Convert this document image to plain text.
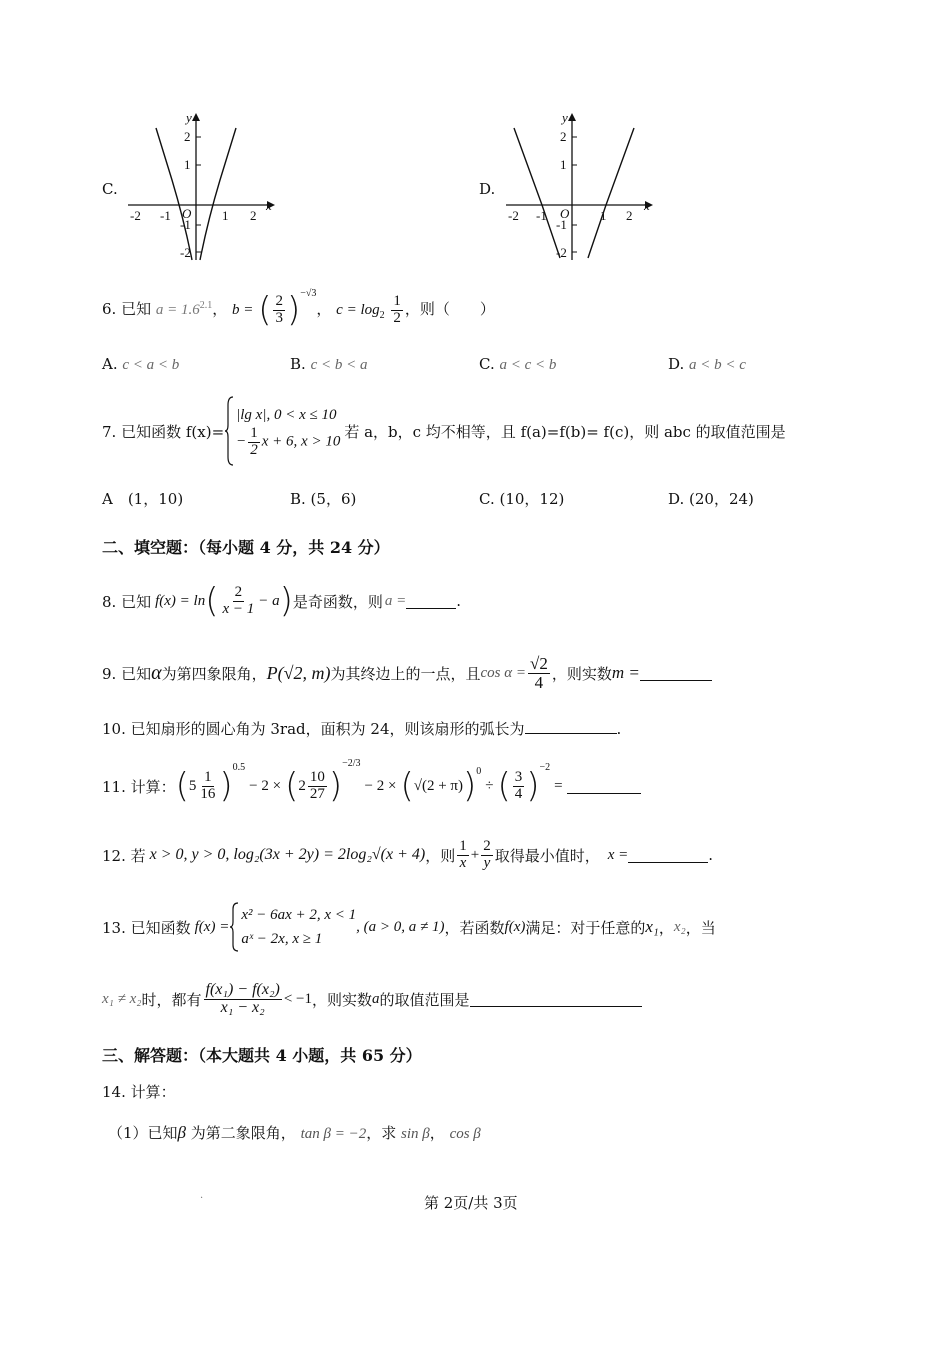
C.
y
x
O
2
1
-1
-2
-2 -1	1 2
D.
y
x
O
2
1
-1
-2
-2 -1	1 2
6. 已知 $a = 1.6^{2.1}$， b = ( $\frac{2}{3} )^{-√3}$， $c = \log_2 \frac{1}{2}$ ，则（　　）
A. c < a < b	B. c < b < a	C. a < c < b	D. a < b < c
7. 已知函数 f(x)=
|lg x|, 0 < x ≤ 10
− $\frac{1}{2}$ x + 6, x > 10
若 a，b，c 均不相等，且 f(a)=f(b)= f(c)，则 abc 的取值范围是
A　(1，10)	B. (5，6)	C. (10，12)	D. (20，24)
二、填空题：（每小题 4 分，共 24 分）
8. 已知 f(x) = ln ( $\frac{2}{x - 1} - a$ ) 是奇函数，则 a =	.
9. 已知 α 为第四象限角， P(√2, m) 为其终边上的一点，且 $\cos \alpha = \frac{√2}{4}$ ，则实数 m =
10. 已知扇形的圆心角为 3rad，面积为 24，则该扇形的弧长为	.
11. 计算： ( $5 \frac{1}{16} )^{0.5}$
− 2 × ( $2 \frac{10}{27}$ )
$^{-2/3}$
− 2 × ( √(2 + π) )$^0$
÷ ( $\frac{3}{4} )^{-2}$
=
12. 若 x > 0, y > 0, log₂(3x + 2y) = 2log₂√(x + 4) ，则 $\frac{1}{x} + \frac{2}{y}$ 取得最小值时， x =	.
13. 已知函数 f(x) =
x² − 6ax + 2, x < 1
aˣ − 2x, x ≥ 1
, (a > 0, a ≠ 1) ，若函数 f(x) 满足：对于任意的 x₁ ， x₂ ，当
x₁ ≠ x₂ 时，都有 $\frac{\text{f(x₁) − f(x₂)}}{\text{x₁ − x₂}} < -1$ ，则实数 a 的取值范围是
三、解答题：（本大题共 4 小题，共 65 分）
14. 计算：
（1）已知β 为第二象限角， tan β = −2，求 sin β， cos β
.	第 2页/共 3页
